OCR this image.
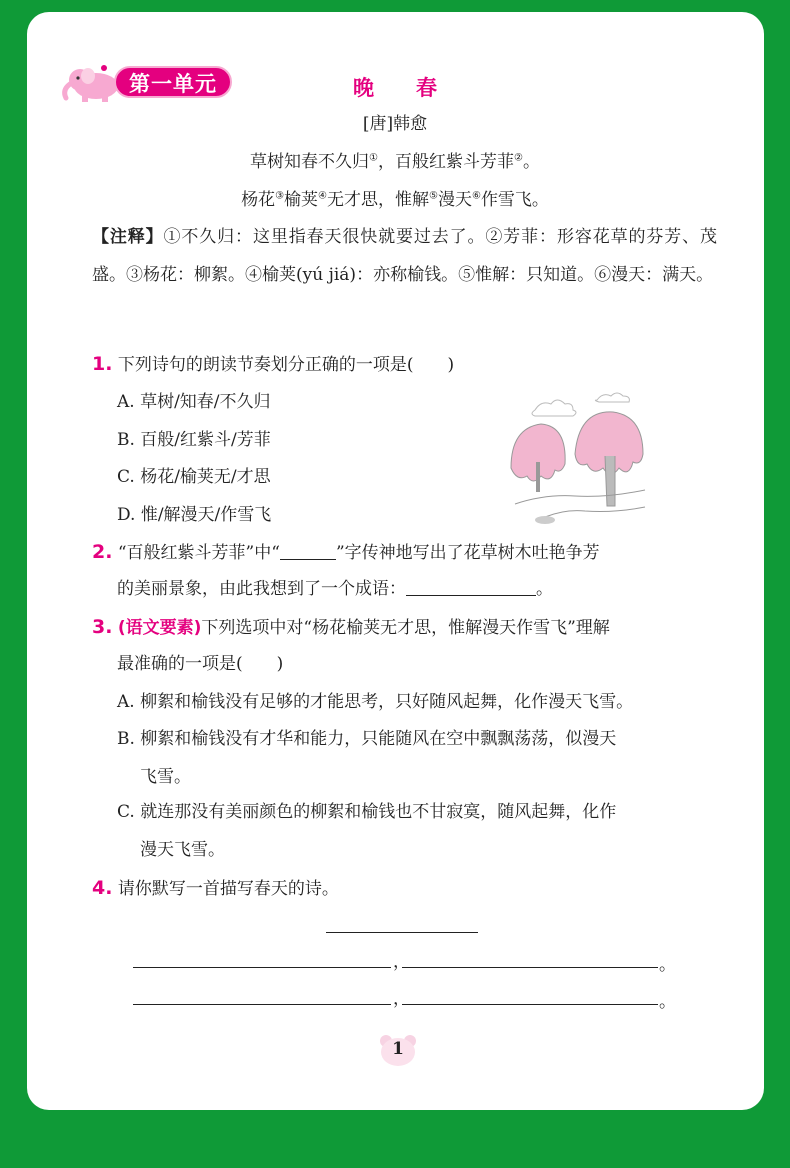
第一单元	晚春
[唐]韩愈
草树知春不久归①，百般红紫斗芳菲②。
杨花③榆荚④无才思，惟解⑤漫天⑥作雪飞。
【注释】①不久归：这里指春天很快就要过去了。②芳菲：形容花草的芬芳、茂盛。③杨花：柳絮。④榆荚(yú jiá)：亦称榆钱。⑤惟解：只知道。⑥漫天：满天。
1. 下列诗句的朗读节奏划分正确的一项是( )
A. 草树/知春/不久归
B. 百般/红紫斗/芳菲
C. 杨花/榆荚无/才思
D. 惟/解漫天/作雪飞
2. “百般红紫斗芳菲”中“	”字传神地写出了花草树木吐艳争芳
的美丽景象，由此我想到了一个成语：	。
3. (语文要素)下列选项中对“杨花榆荚无才思，惟解漫天作雪飞”理解
最准确的一项是( )
A. 柳絮和榆钱没有足够的才能思考，只好随风起舞，化作漫天飞雪。
B. 柳絮和榆钱没有才华和能力，只能随风在空中飘飘荡荡，似漫天
飞雪。
C. 就连那没有美丽颜色的柳絮和榆钱也不甘寂寞，随风起舞，化作
漫天飞雪。
4. 请你默写一首描写春天的诗。
，	。
，	。
1
